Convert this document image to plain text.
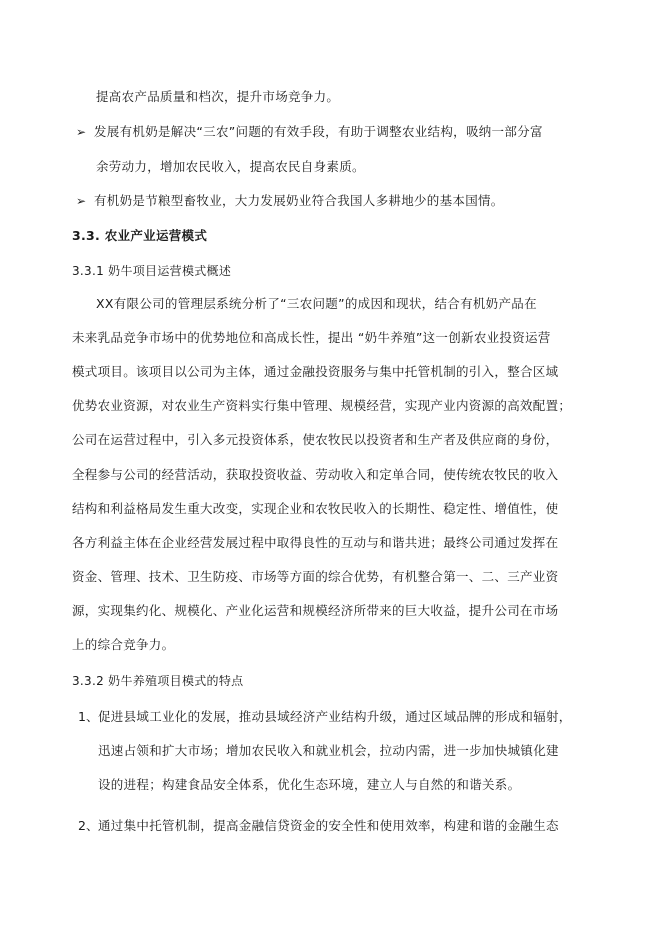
提高农产品质量和档次，提升市场竞争力。
➢ 发展有机奶是解决“三农”问题的有效手段，有助于调整农业结构，吸纳一部分富
余劳动力，增加农民收入，提高农民自身素质。
➢ 有机奶是节粮型畜牧业，大力发展奶业符合我国人多耕地少的基本国情。
3.3. 农业产业运营模式
3.3.1 奶牛项目运营模式概述
XX有限公司的管理层系统分析了“三农问题”的成因和现状，结合有机奶产品在
未来乳品竞争市场中的优势地位和高成长性，提出 “奶牛养殖”这一创新农业投资运营
模式项目。该项目以公司为主体，通过金融投资服务与集中托管机制的引入，整合区域
优势农业资源，对农业生产资料实行集中管理、规模经营，实现产业内资源的高效配置；
公司在运营过程中，引入多元投资体系，使农牧民以投资者和生产者及供应商的身份，
全程参与公司的经营活动，获取投资收益、劳动收入和定单合同，使传统农牧民的收入
结构和利益格局发生重大改变，实现企业和农牧民收入的长期性、稳定性、增值性，使
各方利益主体在企业经营发展过程中取得良性的互动与和谐共进；最终公司通过发挥在
资金、管理、技术、卫生防疫、市场等方面的综合优势，有机整合第一、二、三产业资
源，实现集约化、规模化、产业化运营和规模经济所带来的巨大收益，提升公司在市场
上的综合竞争力。
3.3.2 奶牛养殖项目模式的特点
1、 促进县域工业化的发展，推动县域经济产业结构升级，通过区域品牌的形成和辐射，
迅速占领和扩大市场；增加农民收入和就业机会，拉动内需，进一步加快城镇化建
设的进程；构建食品安全体系，优化生态环境，建立人与自然的和谐关系。
2、 通过集中托管机制，提高金融信贷资金的安全性和使用效率，构建和谐的金融生态
